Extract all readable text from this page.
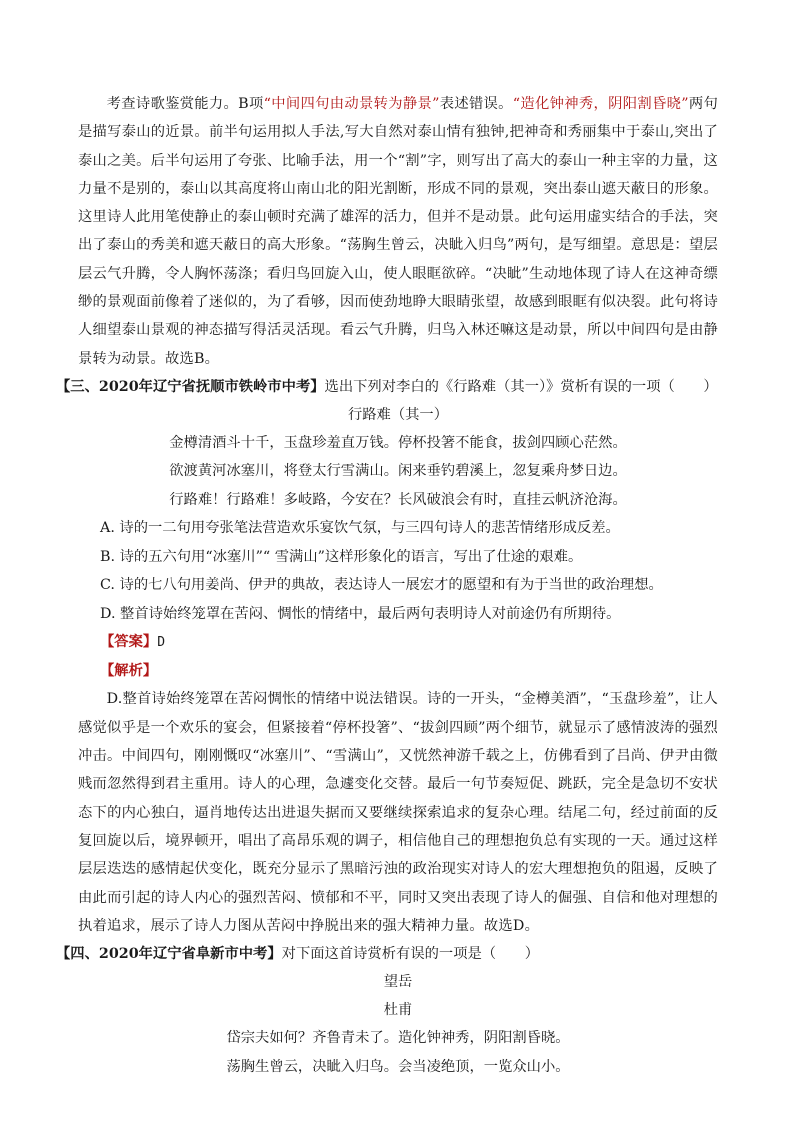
考查诗歌鉴赏能力。B项“中间四句由动景转为静景”表述错误。“造化钟神秀，阴阳割昏晓”两句是描写泰山的近景。前半句运用拟人手法,写大自然对泰山情有独钟,把神奇和秀丽集中于泰山,突出了泰山之美。后半句运用了夸张、比喻手法，用一个“割”字，则写出了高大的泰山一种主宰的力量，这力量不是别的，泰山以其高度将山南山北的阳光割断，形成不同的景观，突出泰山遮天蔽日的形象。这里诗人此用笔使静止的泰山顿时充满了雄浑的活力，但并不是动景。此句运用虚实结合的手法，突出了泰山的秀美和遮天蔽日的高大形象。“荡胸生曾云，决眦入归鸟”两句，是写细望。意思是：望层层云气升腾，令人胸怀荡涤；看归鸟回旋入山，使人眼眶欲碎。“决眦”生动地体现了诗人在这神奇缥缈的景观面前像着了迷似的，为了看够，因而使劲地睁大眼睛张望，故感到眼眶有似决裂。此句将诗人细望泰山景观的神态描写得活灵活现。看云气升腾，归鸟入林还嘛这是动景，所以中间四句是由静景转为动景。故选B。

【三、2020年辽宁省抚顺市铁岭市中考】选出下列对李白的《行路难（其一）》赏析有误的一项（　　）

行路难（其一）

金樽清酒斗十千，玉盘珍羞直万钱。停杯投箸不能食，拔剑四顾心茫然。

欲渡黄河冰塞川，将登太行雪满山。闲来垂钓碧溪上，忽复乘舟梦日边。

行路难！行路难！多岐路，今安在？长风破浪会有时，直挂云帆济沧海。

A. 诗的一二句用夸张笔法营造欢乐宴饮气氛，与三四句诗人的悲苦情绪形成反差。

B. 诗的五六句用“冰塞川”“ 雪满山”这样形象化的语言，写出了仕途的艰难。

C. 诗的七八句用姜尚、伊尹的典故，表达诗人一展宏才的愿望和有为于当世的政治理想。

D. 整首诗始终笼罩在苦闷、惆怅的情绪中，最后两句表明诗人对前途仍有所期待。

【答案】D

【解析】

D.整首诗始终笼罩在苦闷惆怅的情绪中说法错误。诗的一开头，“金樽美酒”，“玉盘珍羞”，让人感觉似乎是一个欢乐的宴会，但紧接着“停杯投箸”、“拔剑四顾”两个细节，就显示了感情波涛的强烈冲击。中间四句，刚刚慨叹“冰塞川”、“雪满山”，又恍然神游千载之上，仿佛看到了吕尚、伊尹由微贱而忽然得到君主重用。诗人的心理，急遽变化交替。最后一句节奏短促、跳跃，完全是急切不安状态下的内心独白，逼肖地传达出进退失据而又要继续探索追求的复杂心理。结尾二句，经过前面的反复回旋以后，境界顿开，唱出了高昂乐观的调子，相信他自己的理想抱负总有实现的一天。通过这样层层迭迭的感情起伏变化，既充分显示了黑暗污浊的政治现实对诗人的宏大理想抱负的阻遏，反映了由此而引起的诗人内心的强烈苦闷、愤郁和不平，同时又突出表现了诗人的倔强、自信和他对理想的执着追求，展示了诗人力图从苦闷中挣脱出来的强大精神力量。故选D。

【四、2020年辽宁省阜新市中考】对下面这首诗赏析有误的一项是（　　）

望岳

杜甫

岱宗夫如何？齐鲁青未了。造化钟神秀，阴阳割昏晓。

荡胸生曾云，决眦入归鸟。会当凌绝顶，一览众山小。
